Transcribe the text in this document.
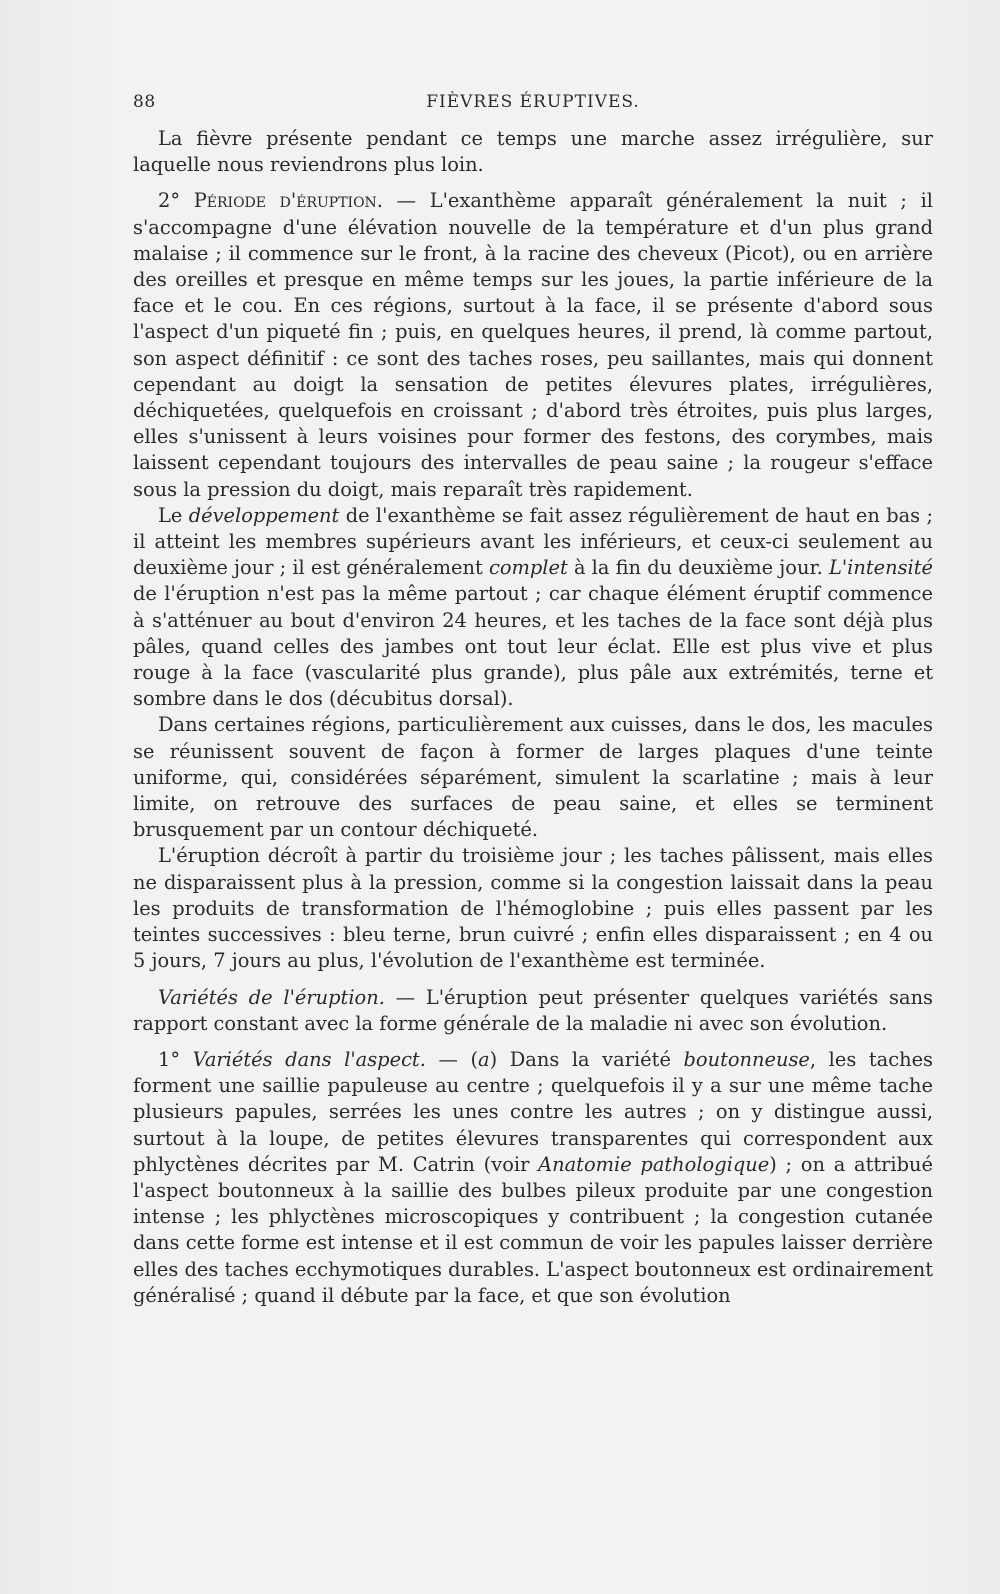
88	FIÈVRES ÉRUPTIVES.

La fièvre présente pendant ce temps une marche assez irrégulière, sur laquelle nous reviendrons plus loin.

2° Période d'éruption. — L'exanthème apparaît généralement la nuit ; il s'accompagne d'une élévation nouvelle de la température et d'un plus grand malaise ; il commence sur le front, à la racine des cheveux (Picot), ou en arrière des oreilles et presque en même temps sur les joues, la partie inférieure de la face et le cou. En ces régions, surtout à la face, il se présente d'abord sous l'aspect d'un piqueté fin ; puis, en quelques heures, il prend, là comme partout, son aspect définitif : ce sont des taches roses, peu saillantes, mais qui donnent cependant au doigt la sensation de petites élevures plates, irrégulières, déchiquetées, quelquefois en croissant ; d'abord très étroites, puis plus larges, elles s'unissent à leurs voisines pour former des festons, des corymbes, mais laissent cependant toujours des intervalles de peau saine ; la rougeur s'efface sous la pression du doigt, mais reparaît très rapidement.

Le développement de l'exanthème se fait assez régulièrement de haut en bas ; il atteint les membres supérieurs avant les inférieurs, et ceux-ci seulement au deuxième jour ; il est généralement complet à la fin du deuxième jour. L'intensité de l'éruption n'est pas la même partout ; car chaque élément éruptif commence à s'atténuer au bout d'environ 24 heures, et les taches de la face sont déjà plus pâles, quand celles des jambes ont tout leur éclat. Elle est plus vive et plus rouge à la face (vascularité plus grande), plus pâle aux extrémités, terne et sombre dans le dos (décubitus dorsal).

Dans certaines régions, particulièrement aux cuisses, dans le dos, les macules se réunissent souvent de façon à former de larges plaques d'une teinte uniforme, qui, considérées séparément, simulent la scarlatine ; mais à leur limite, on retrouve des surfaces de peau saine, et elles se terminent brusquement par un contour déchiqueté.

L'éruption décroît à partir du troisième jour ; les taches pâlissent, mais elles ne disparaissent plus à la pression, comme si la congestion laissait dans la peau les produits de transformation de l'hémoglobine ; puis elles passent par les teintes successives : bleu terne, brun cuivré ; enfin elles disparaissent ; en 4 ou 5 jours, 7 jours au plus, l'évolution de l'exanthème est terminée.

Variétés de l'éruption. — L'éruption peut présenter quelques variétés sans rapport constant avec la forme générale de la maladie ni avec son évolution.

1° Variétés dans l'aspect. — (a) Dans la variété boutonneuse, les taches forment une saillie papuleuse au centre ; quelquefois il y a sur une même tache plusieurs papules, serrées les unes contre les autres ; on y distingue aussi, surtout à la loupe, de petites élevures transparentes qui correspondent aux phlyctènes décrites par M. Catrin (voir Anatomie pathologique) ; on a attribué l'aspect boutonneux à la saillie des bulbes pileux produite par une congestion intense ; les phlyctènes microscopiques y contribuent ; la congestion cutanée dans cette forme est intense et il est commun de voir les papules laisser derrière elles des taches ecchymotiques durables. L'aspect boutonneux est ordinairement généralisé ; quand il débute par la face, et que son évolution
